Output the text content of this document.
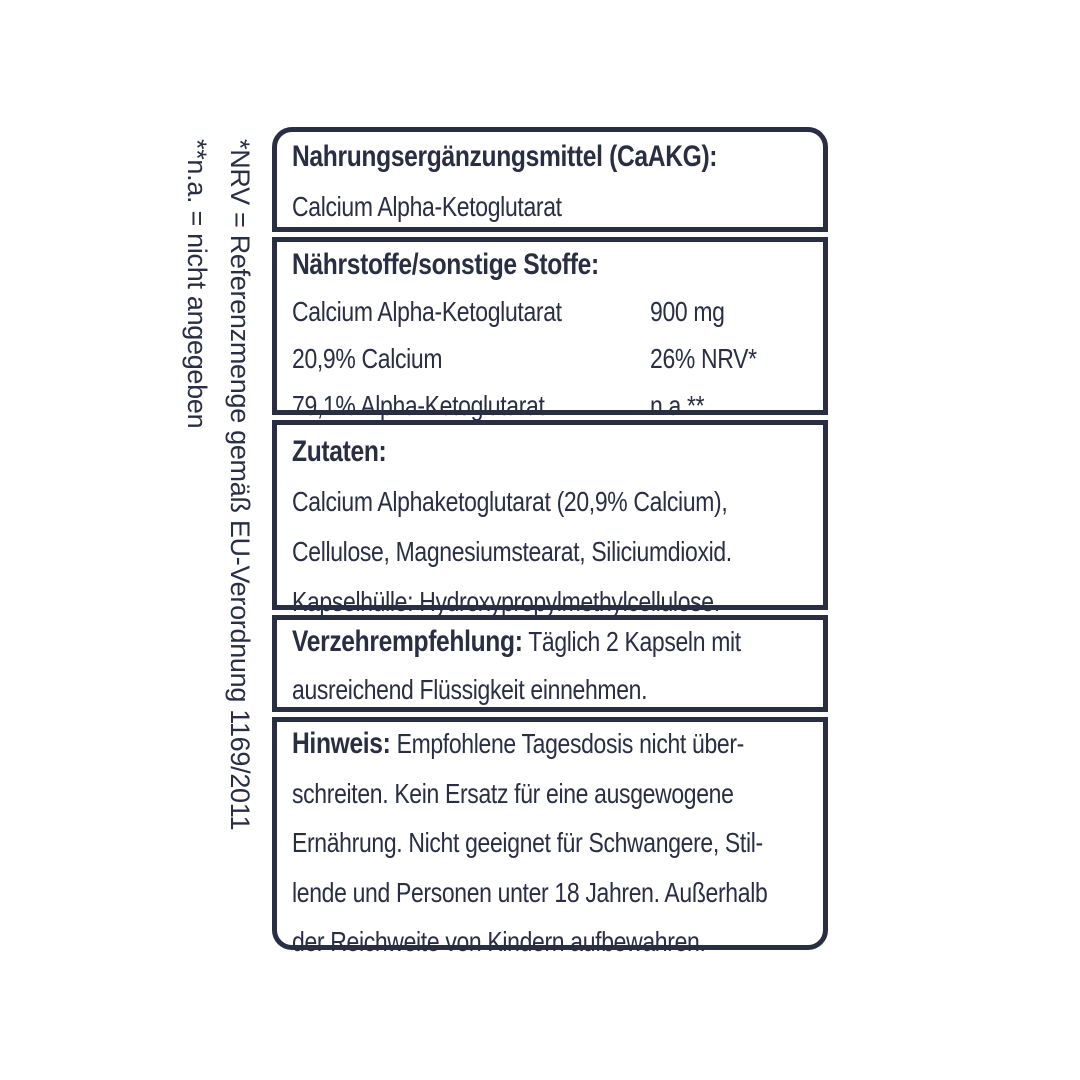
*NRV = Referenzmenge gemäß EU-Verordnung 1169/2011
**n.a. = nicht angegeben	Nahrungsergänzungsmittel (CaAKG):
Calcium Alpha-Ketoglutarat
Nährstoffe/sonstige Stoffe:
Calcium Alpha-Ketoglutarat	900 mg
20,9% Calcium	26% NRV*
79,1% Alpha-Ketoglutarat	n.a.**
Zutaten:
Calcium Alphaketoglutarat (20,9% Calcium),
Cellulose, Magnesiumstearat, Siliciumdioxid.
Kapselhülle: Hydroxypropylmethylcellulose.
Verzehrempfehlung: Täglich 2 Kapseln mit
ausreichend Flüssigkeit einnehmen.
Hinweis: Empfohlene Tagesdosis nicht über-
schreiten. Kein Ersatz für eine ausgewogene
Ernährung. Nicht geeignet für Schwangere, Stil-
lende und Personen unter 18 Jahren. Außerhalb
der Reichweite von Kindern aufbewahren.
